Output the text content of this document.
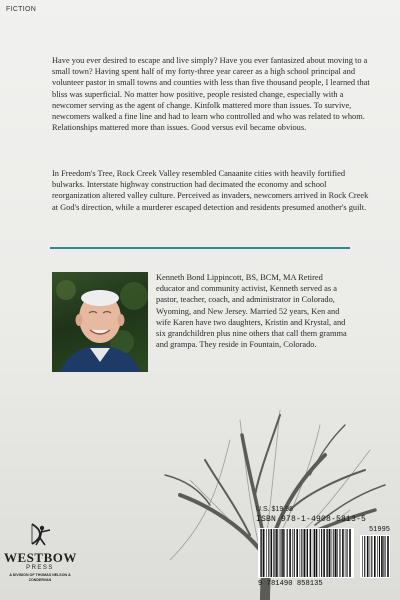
FICTION

Have you ever desired to escape and live simply? Have you ever fantasized about moving to a small town? Having spent half of my forty-three year career as a high school principal and volunteer pastor in small towns and counties with less than five thousand people, I learned that bliss was superficial. No matter how positive, people resisted change, especially with a newcomer serving as the agent of change. Kinfolk mattered more than issues. To survive, newcomers walked a fine line and had to learn who controlled and who was related to whom. Relationships mattered more than issues. Good versus evil became obvious.

In Freedom's Tree, Rock Creek Valley resembled Canaanite cities with heavily fortified bulwarks. Interstate highway construction had decimated the economy and school reorganization altered valley culture. Perceived as invaders, newcomers arrived in Rock Creek at God's direction, while a murderer escaped detection and residents presumed another's guilt.

Kenneth Bond Lippincott, BS, BCM, MA Retired educator and community activist, Kenneth served as a pastor, teacher, coach, and administrator in Colorado, Wyoming, and New Jersey. Married 52 years, Ken and wife Karen have two daughters, Kristin and Krystal, and six grandchildren plus nine others that call them gramma and grampa. They reside in Fountain, Colorado.

WESTBOW
PRESS
A DIVISION OF THOMAS NELSON & ZONDERVAN
U.S. $19.95
ISBN 978-1-4908-5813-5
51995
9 781490 858135
